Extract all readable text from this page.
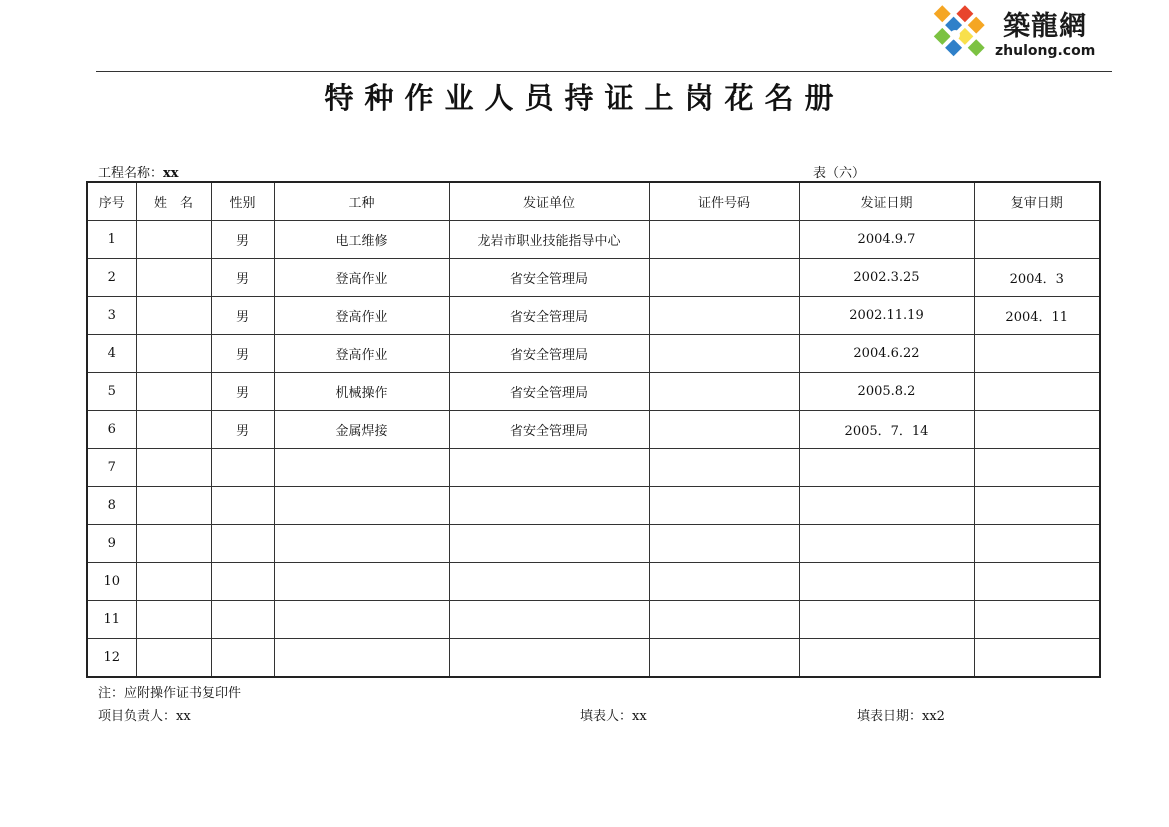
築龍網
zhulong.com
特种作业人员持证上岗花名册
工程名称：xx	表（六）
序号	姓　名	性别	工种	发证单位	证件号码	发证日期	复审日期
1		男	电工维修	龙岩市职业技能指导中心		2004.9.7	
2		男	登高作业	省安全管理局		2002.3.25	2004．3
3		男	登高作业	省安全管理局		2002.11.19	2004．11
4		男	登高作业	省安全管理局		2004.6.22	
5		男	机械操作	省安全管理局		2005.8.2	
6		男	金属焊接	省安全管理局		2005．7．14	
7							
8							
9							
10							
11							
12							
注：应附操作证书复印件
项目负责人：xx	填表人：xx	填表日期：xx2
